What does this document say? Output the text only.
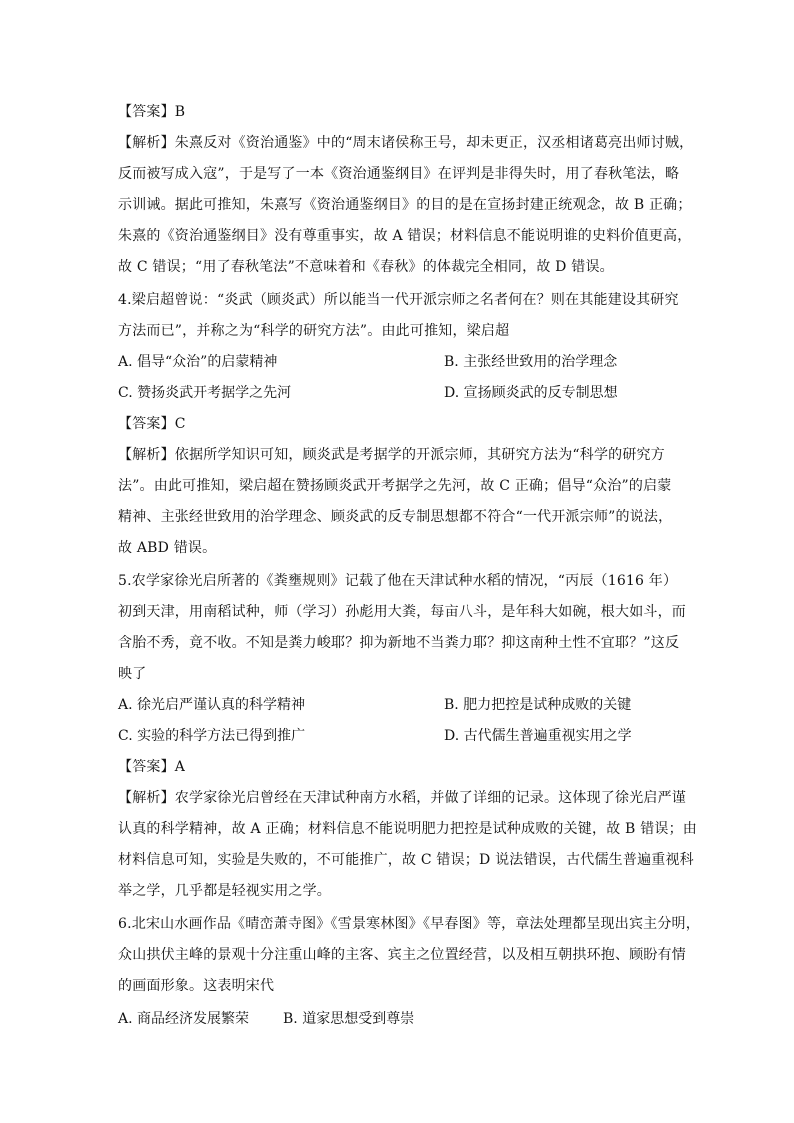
【答案】B
【解析】朱熹反对《资治通鉴》中的“周末诸侯称王号，却未更正，汉丞相诸葛亮出师讨贼，
反而被写成入寇”，于是写了一本《资治通鉴纲目》在评判是非得失时，用了春秋笔法，略
示训诫。据此可推知，朱熹写《资治通鉴纲目》的目的是在宣扬封建正统观念，故 B 正确；
朱熹的《资治通鉴纲目》没有尊重事实，故 A 错误；材料信息不能说明谁的史料价值更高，
故 C 错误；“用了春秋笔法”不意味着和《春秋》的体裁完全相同，故 D 错误。
4.梁启超曾说：“炎武（顾炎武）所以能当一代开派宗师之名者何在？则在其能建设其研究
方法而已”，并称之为“科学的研究方法”。由此可推知，梁启超
A. 倡导“众治”的启蒙精神	B. 主张经世致用的治学理念
C. 赞扬炎武开考据学之先河	D. 宣扬顾炎武的反专制思想
【答案】C
【解析】依据所学知识可知，顾炎武是考据学的开派宗师，其研究方法为“科学的研究方
法”。由此可推知，梁启超在赞扬顾炎武开考据学之先河，故 C 正确；倡导“众治”的启蒙
精神、主张经世致用的治学理念、顾炎武的反专制思想都不符合“一代开派宗师”的说法，
故 ABD 错误。
5.农学家徐光启所著的《粪壅规则》记载了他在天津试种水稻的情况，“丙辰（1616 年）
初到天津，用南稻试种，师（学习）孙彪用大粪，每亩八斗，是年科大如碗，根大如斗，而
含胎不秀，竟不收。不知是粪力峻耶？抑为新地不当粪力耶？抑这南种土性不宜耶？”这反
映了
A. 徐光启严谨认真的科学精神	B. 肥力把控是试种成败的关键
C. 实验的科学方法已得到推广	D. 古代儒生普遍重视实用之学
【答案】A
【解析】农学家徐光启曾经在天津试种南方水稻，并做了详细的记录。这体现了徐光启严谨
认真的科学精神，故 A 正确；材料信息不能说明肥力把控是试种成败的关键，故 B 错误；由
材料信息可知，实验是失败的，不可能推广，故 C 错误；D 说法错误，古代儒生普遍重视科
举之学，几乎都是轻视实用之学。
6.北宋山水画作品《晴峦萧寺图》《雪景寒林图》《早春图》等，章法处理都呈现出宾主分明，
众山拱伏主峰的景观十分注重山峰的主客、宾主之位置经营，以及相互朝拱环抱、顾盼有情
的画面形象。这表明宋代
A. 商品经济发展繁荣 B. 道家思想受到尊崇
